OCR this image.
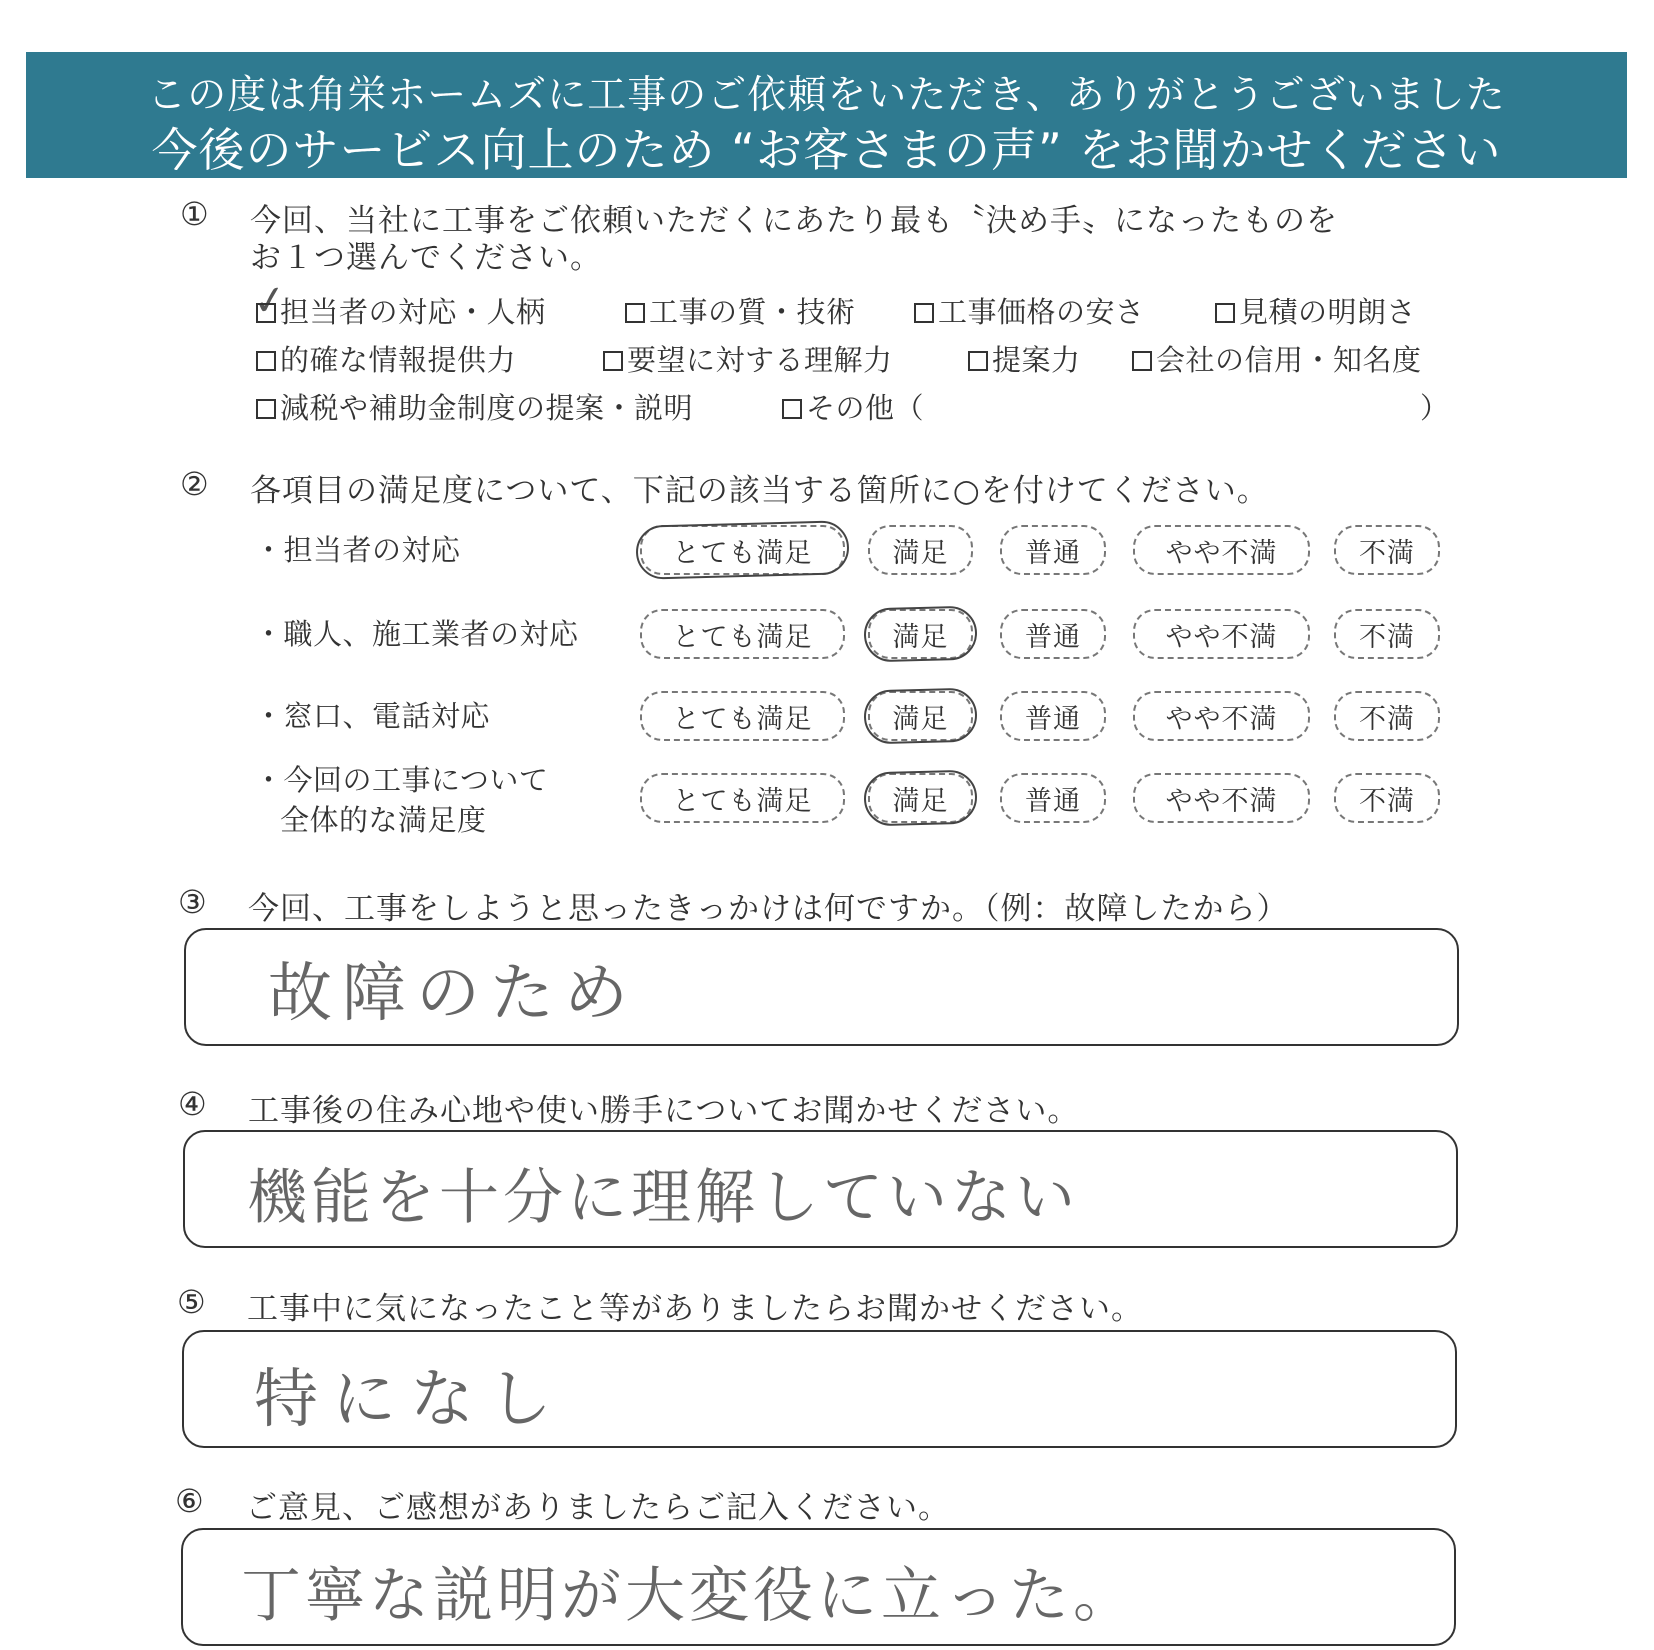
この度は角栄ホームズに工事のご依頼をいただき、ありがとうございました
今後のサービス向上のため “お客さまの声” をお聞かせください
① 今回、当社に工事をご依頼いただくにあたり最も〝決め手〟になったものを
お１つ選んでください。
✓
担当者の対応・人柄	工事の質・技術	工事価格の安さ	見積の明朗さ
的確な情報提供力	要望に対する理解力	提案力	会社の信用・知名度
減税や補助金制度の提案・説明	その他（	）
② 各項目の満足度について、下記の該当する箇所に○を付けてください。
・担当者の対応	とても満足	満足	普通	やや不満	不満
・職人、施工業者の対応	とても満足	満足	普通	やや不満	不満
・窓口、電話対応	とても満足	満足	普通	やや不満	不満
・今回の工事について
全体的な満足度
とても満足	満足	普通	やや不満	不満
③ 今回、工事をしようと思ったきっかけは何ですか。（例：故障したから）
故障のため
④ 工事後の住み心地や使い勝手についてお聞かせください。
機能を十分に理解していない
⑤ 工事中に気になったこと等がありましたらお聞かせください。
特になし
⑥ ご意見、ご感想がありましたらご記入ください。
丁寧な説明が大変役に立った。
